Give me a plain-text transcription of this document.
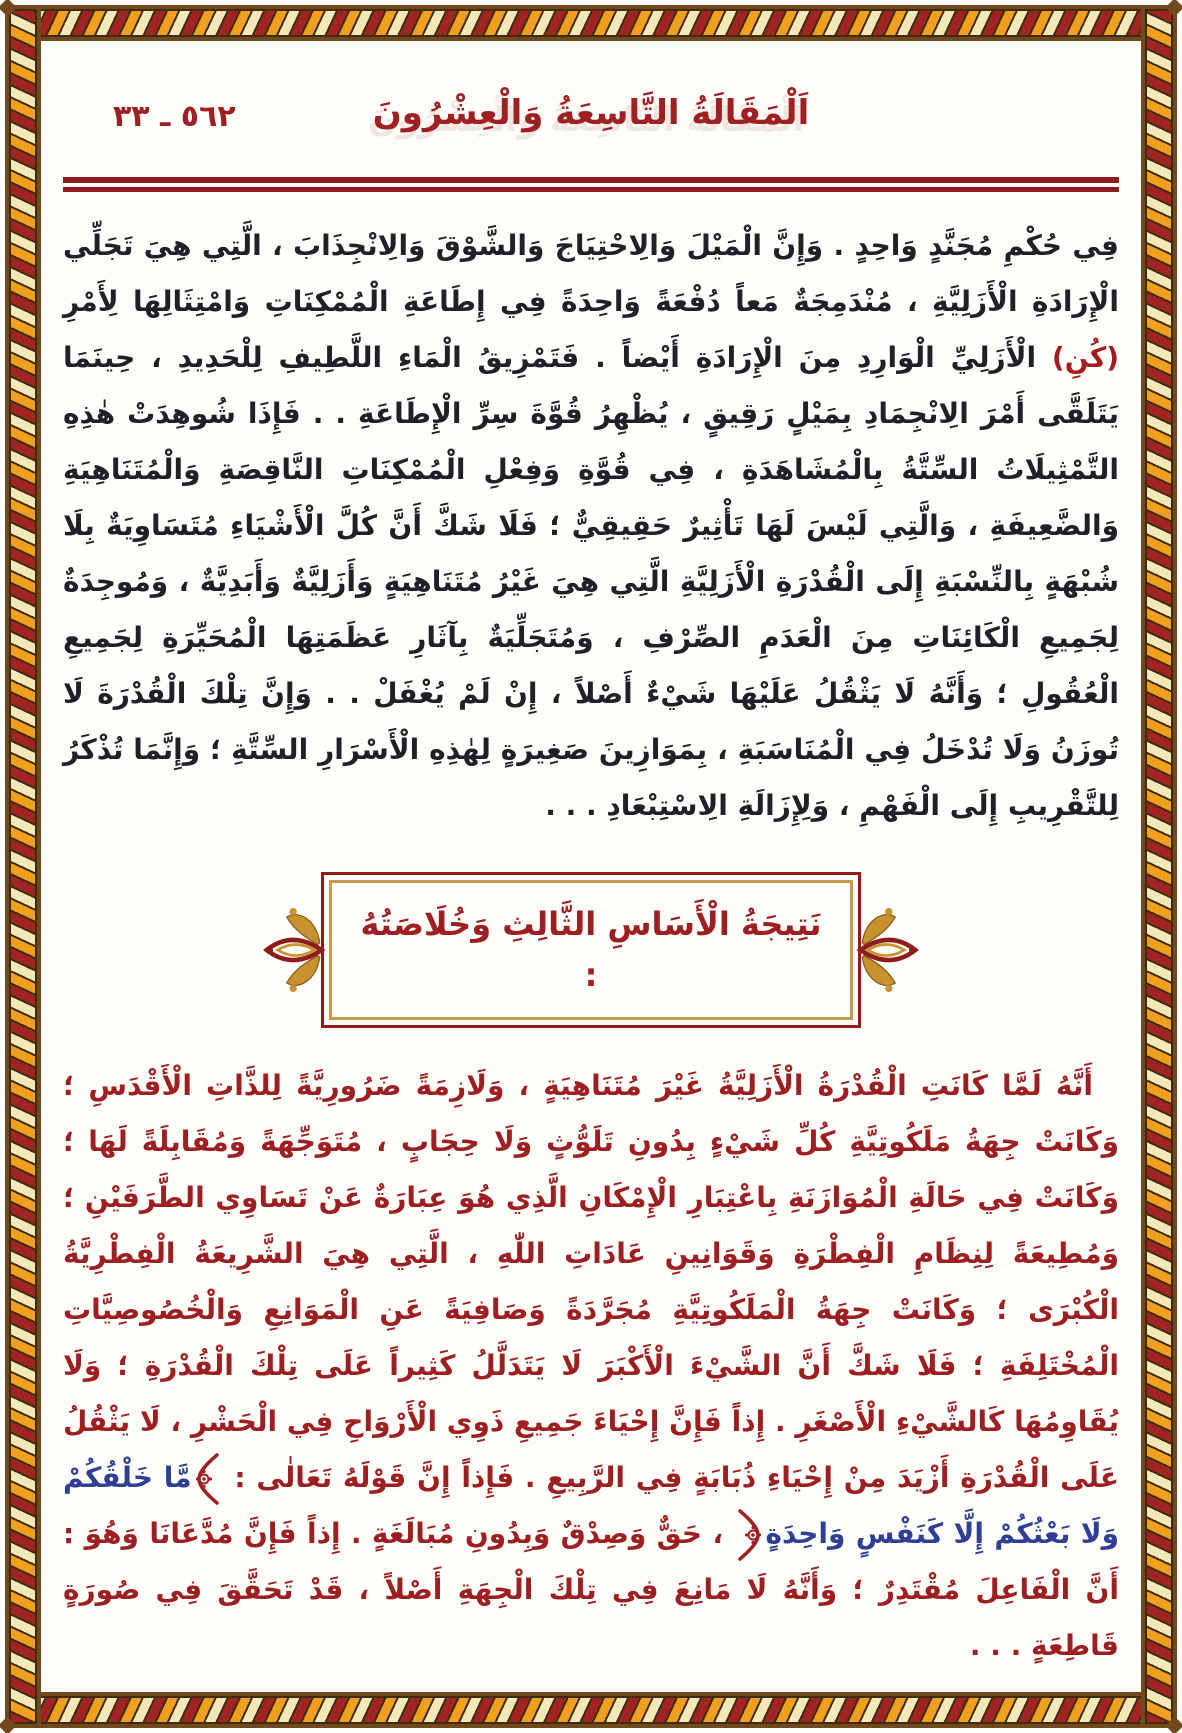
٥٦٢ ـ ٣٣	اَلْمَقَالَةُ التَّاسِعَةُ وَالْعِشْرُونَ

فِي حُكْمِ مُجَنَّدٍ وَاحِدٍ . وَإِنَّ الْمَيْلَ وَالِاحْتِيَاجَ وَالشَّوْقَ وَالِانْجِذَابَ ، الَّتِي هِيَ تَجَلِّي الْإِرَادَةِ الْأَزَلِيَّةِ ، مُنْدَمِجَةٌ مَعاً دُفْعَةً وَاحِدَةً فِي إِطَاعَةِ الْمُمْكِنَاتِ وَامْتِثَالِهَا لِأَمْرِ (كُنِ) الْأَزَلِيِّ الْوَارِدِ مِنَ الْإِرَادَةِ أَيْضاً . فَتَمْزِيقُ الْمَاءِ اللَّطِيفِ لِلْحَدِيدِ ، حِينَمَا يَتَلَقَّى أَمْرَ الِانْجِمَادِ بِمَيْلٍ رَقِيقٍ ، يُظْهِرُ قُوَّةَ سِرِّ الْإِطَاعَةِ . . فَإِذَا شُوهِدَتْ هٰذِهِ التَّمْثِيلَاتُ السِّتَّةُ بِالْمُشَاهَدَةِ ، فِي قُوَّةِ وَفِعْلِ الْمُمْكِنَاتِ النَّاقِصَةِ وَالْمُتَنَاهِيَةِ وَالضَّعِيفَةِ ، وَالَّتِي لَيْسَ لَهَا تَأْثِيرٌ حَقِيقِيٌّ ؛ فَلَا شَكَّ أَنَّ كُلَّ الْأَشْيَاءِ مُتَسَاوِيَةٌ بِلَا شُبْهَةٍ بِالنِّسْبَةِ إِلَى الْقُدْرَةِ الْأَزَلِيَّةِ الَّتِي هِيَ غَيْرُ مُتَنَاهِيَةٍ وَأَزَلِيَّةٌ وَأَبَدِيَّةٌ ، وَمُوجِدَةٌ لِجَمِيعِ الْكَائِنَاتِ مِنَ الْعَدَمِ الصِّرْفِ ، وَمُتَجَلِّيَةٌ بِآثَارِ عَظَمَتِهَا الْمُحَيِّرَةِ لِجَمِيعِ الْعُقُولِ ؛ وَأَنَّهُ لَا يَثْقُلُ عَلَيْهَا شَيْءٌ أَصْلاً ، إِنْ لَمْ يُغْفَلْ . . وَإِنَّ تِلْكَ الْقُدْرَةَ لَا تُوزَنُ وَلَا تُدْخَلُ فِي الْمُنَاسَبَةِ ، بِمَوَازِينَ صَغِيرَةٍ لِهٰذِهِ الْأَسْرَارِ السِّتَّةِ ؛ وَإِنَّمَا تُذْكَرُ لِلتَّقْرِيبِ إِلَى الْفَهْمِ ، وَلِإِزَالَةِ الِاسْتِبْعَادِ . . .

نَتِيجَةُ الْأَسَاسِ الثَّالِثِ وَخُلَاصَتُهُ :

أَنَّهُ لَمَّا كَانَتِ الْقُدْرَةُ الْأَزَلِيَّةُ غَيْرَ مُتَنَاهِيَةٍ ، وَلَازِمَةً ضَرُورِيَّةً لِلذَّاتِ الْأَقْدَسِ ؛ وَكَانَتْ جِهَةُ مَلَكُوتِيَّةِ كُلِّ شَيْءٍ بِدُونِ تَلَوُّثٍ وَلَا حِجَابٍ ، مُتَوَجِّهَةً وَمُقَابِلَةً لَهَا ؛ وَكَانَتْ فِي حَالَةِ الْمُوَازَنَةِ بِاعْتِبَارِ الْإِمْكَانِ الَّذِي هُوَ عِبَارَةٌ عَنْ تَسَاوِي الطَّرَفَيْنِ ؛ وَمُطِيعَةً لِنِظَامِ الْفِطْرَةِ وَقَوَانِينِ عَادَاتِ اللّٰهِ ، الَّتِي هِيَ الشَّرِيعَةُ الْفِطْرِيَّةُ الْكُبْرَى ؛ وَكَانَتْ جِهَةُ الْمَلَكُوتِيَّةِ مُجَرَّدَةً وَصَافِيَةً عَنِ الْمَوَانِعِ وَالْخُصُوصِيَّاتِ الْمُخْتَلِفَةِ ؛ فَلَا شَكَّ أَنَّ الشَّيْءَ الْأَكْبَرَ لَا يَتَدَلَّلُ كَثِيراً عَلَى تِلْكَ الْقُدْرَةِ ؛ وَلَا يُقَاوِمُهَا كَالشَّيْءِ الْأَصْغَرِ . إِذاً فَإِنَّ إِحْيَاءَ جَمِيعِ ذَوِي الْأَرْوَاحِ فِي الْحَشْرِ ، لَا يَثْقُلُ عَلَى الْقُدْرَةِ أَزْيَدَ مِنْ إِحْيَاءِ ذُبَابَةٍ فِي الرَّبِيعِ . فَإِذاً إِنَّ قَوْلَهُ تَعَالٰى : مَّا خَلْقُكُمْ وَلَا بَعْثُكُمْ إِلَّا كَنَفْسٍ وَاحِدَةٍ ، حَقٌّ وَصِدْقٌ وَبِدُونِ مُبَالَغَةٍ . إِذاً فَإِنَّ مُدَّعَانَا وَهُوَ : أَنَّ الْفَاعِلَ مُقْتَدِرٌ ؛ وَأَنَّهُ لَا مَانِعَ فِي تِلْكَ الْجِهَةِ أَصْلاً ، قَدْ تَحَقَّقَ فِي صُورَةٍ قَاطِعَةٍ . . .
